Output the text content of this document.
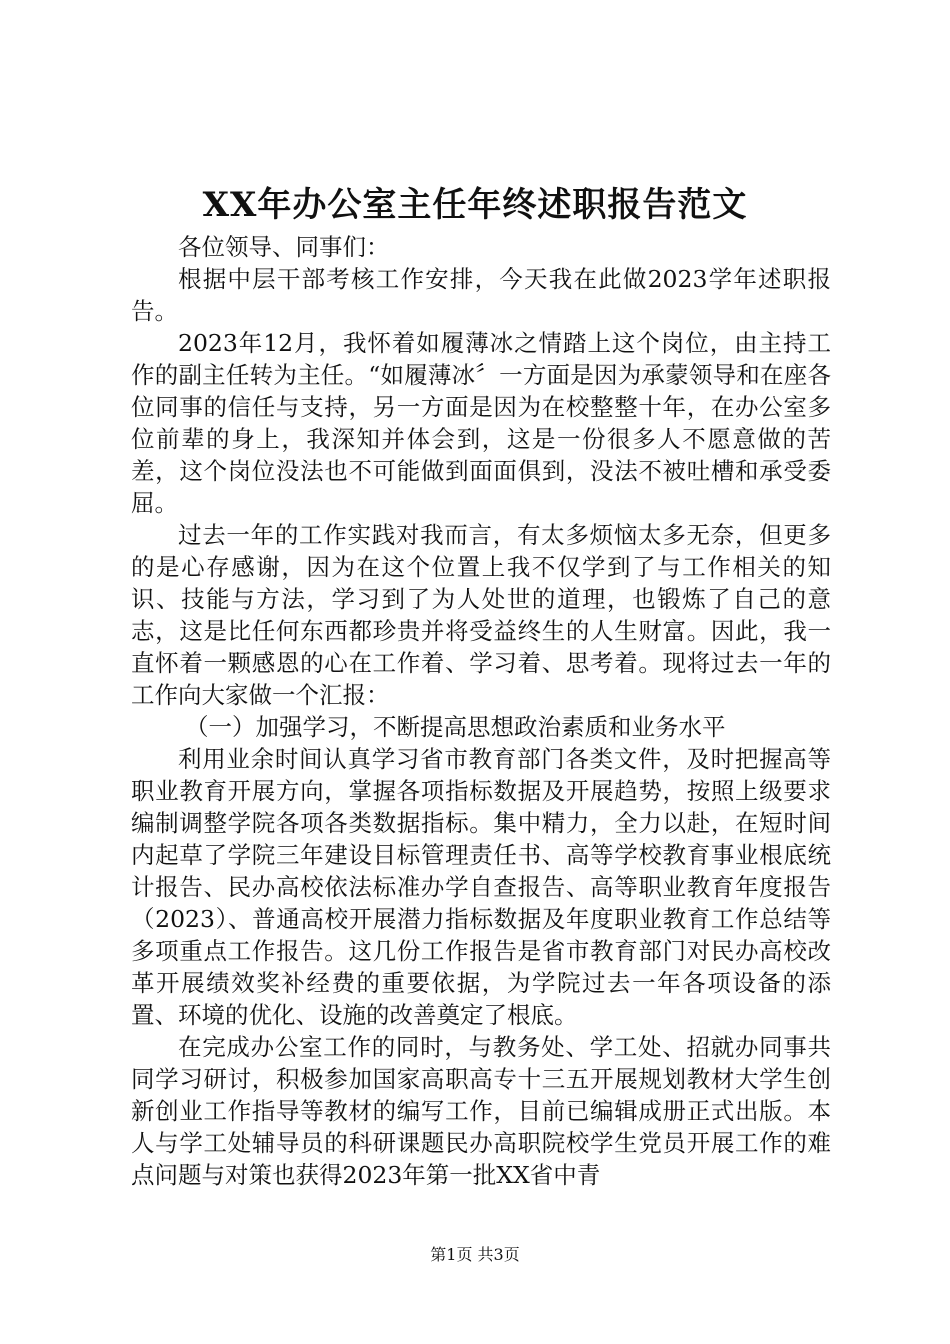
XX年办公室主任年终述职报告范文

各位领导、同事们：

根据中层干部考核工作安排，今天我在此做2023学年述职报告。

2023年12月，我怀着如履薄冰之情踏上这个岗位，由主持工作的副主任转为主任。“如履薄冰〞一方面是因为承蒙领导和在座各位同事的信任与支持，另一方面是因为在校整整十年，在办公室多位前辈的身上，我深知并体会到，这是一份很多人不愿意做的苦差，这个岗位没法也不可能做到面面俱到，没法不被吐槽和承受委屈。

过去一年的工作实践对我而言，有太多烦恼太多无奈，但更多的是心存感谢，因为在这个位置上我不仅学到了与工作相关的知识、技能与方法，学习到了为人处世的道理，也锻炼了自己的意志，这是比任何东西都珍贵并将受益终生的人生财富。因此，我一直怀着一颗感恩的心在工作着、学习着、思考着。现将过去一年的工作向大家做一个汇报：

（一）加强学习，不断提高思想政治素质和业务水平

利用业余时间认真学习省市教育部门各类文件，及时把握高等职业教育开展方向，掌握各项指标数据及开展趋势，按照上级要求编制调整学院各项各类数据指标。集中精力，全力以赴，在短时间内起草了学院三年建设目标管理责任书、高等学校教育事业根底统计报告、民办高校依法标准办学自查报告、高等职业教育年度报告（2023）、普通高校开展潜力指标数据及年度职业教育工作总结等多项重点工作报告。这几份工作报告是省市教育部门对民办高校改革开展绩效奖补经费的重要依据，为学院过去一年各项设备的添置、环境的优化、设施的改善奠定了根底。

在完成办公室工作的同时，与教务处、学工处、招就办同事共同学习研讨，积极参加国家高职高专十三五开展规划教材大学生创新创业工作指导等教材的编写工作，目前已编辑成册正式出版。本人与学工处辅导员的科研课题民办高职院校学生党员开展工作的难点问题与对策也获得2023年第一批XX省中青

第1页 共3页
